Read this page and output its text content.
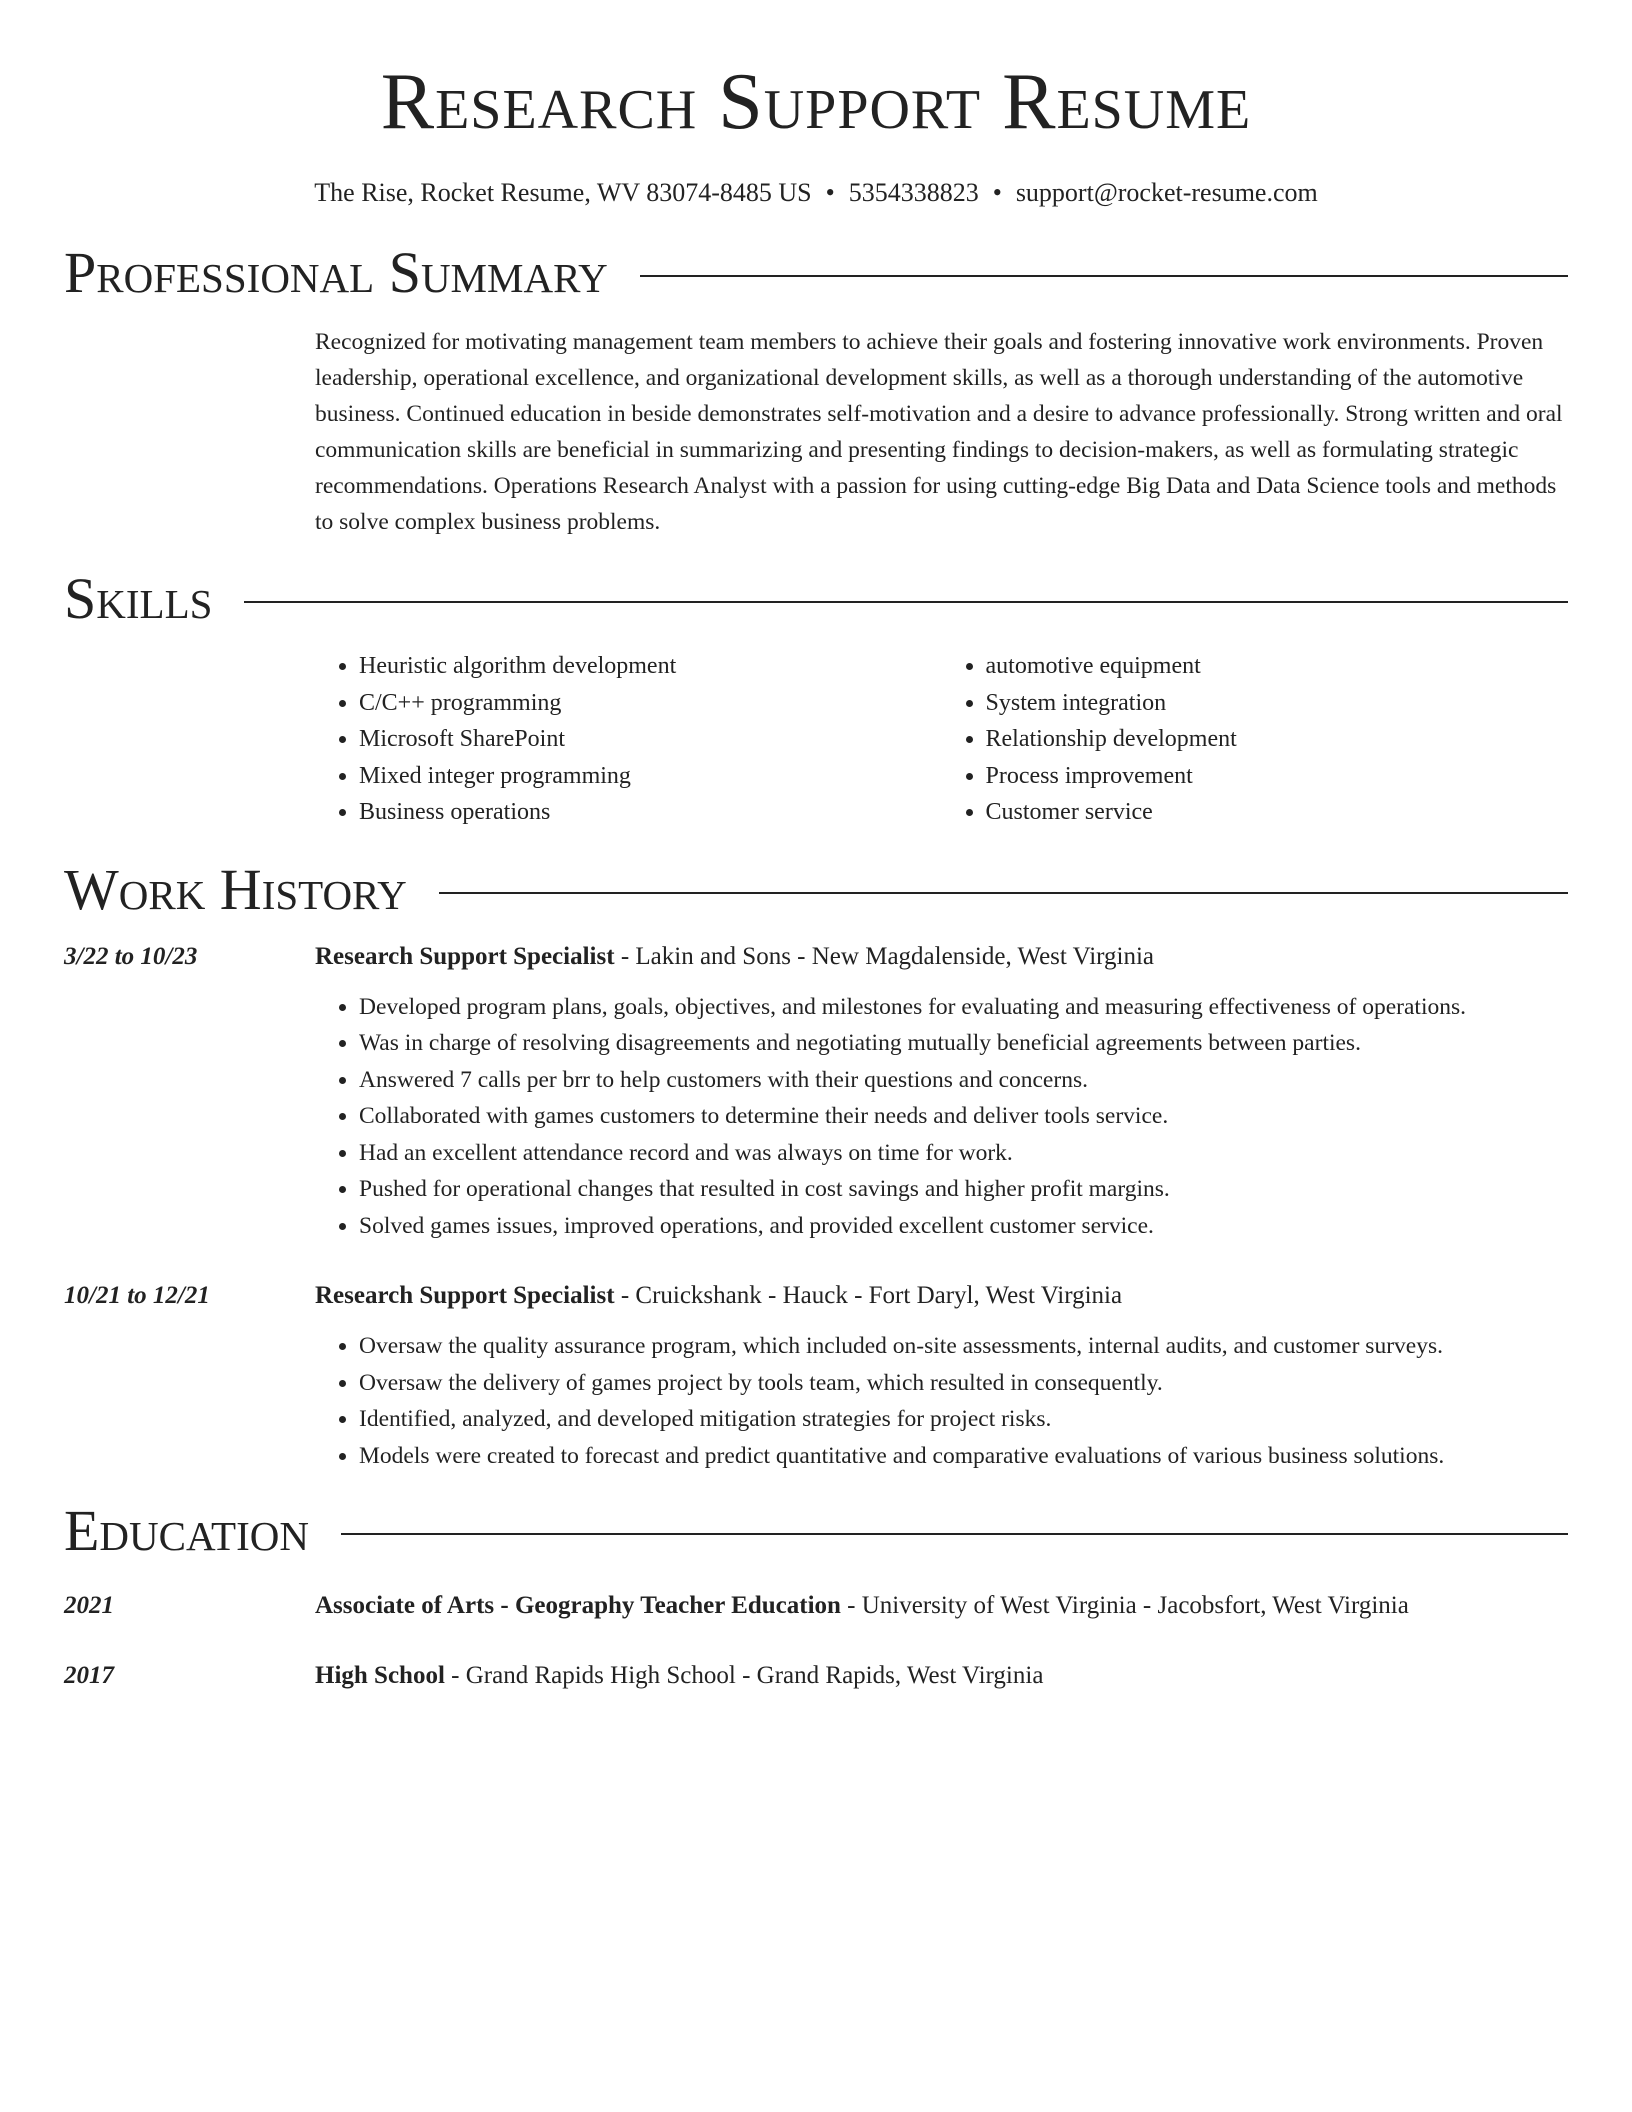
Research Support Resume
The Rise, Rocket Resume, WV 83074-8485 US • 5354338823 • support@rocket-resume.com
Professional Summary
Recognized for motivating management team members to achieve their goals and fostering innovative work environments. Proven leadership, operational excellence, and organizational development skills, as well as a thorough understanding of the automotive business. Continued education in beside demonstrates self-motivation and a desire to advance professionally. Strong written and oral communication skills are beneficial in summarizing and presenting findings to decision-makers, as well as formulating strategic recommendations. Operations Research Analyst with a passion for using cutting-edge Big Data and Data Science tools and methods to solve complex business problems.
Skills
• Heuristic algorithm development
• C/C++ programming
• Microsoft SharePoint
• Mixed integer programming
• Business operations
• automotive equipment
• System integration
• Relationship development
• Process improvement
• Customer service
Work History
3/22 to 10/23	Research Support Specialist - Lakin and Sons - New Magdalenside, West Virginia
• Developed program plans, goals, objectives, and milestones for evaluating and measuring effectiveness of operations.
• Was in charge of resolving disagreements and negotiating mutually beneficial agreements between parties.
• Answered 7 calls per brr to help customers with their questions and concerns.
• Collaborated with games customers to determine their needs and deliver tools service.
• Had an excellent attendance record and was always on time for work.
• Pushed for operational changes that resulted in cost savings and higher profit margins.
• Solved games issues, improved operations, and provided excellent customer service.
10/21 to 12/21	Research Support Specialist - Cruickshank - Hauck - Fort Daryl, West Virginia
• Oversaw the quality assurance program, which included on-site assessments, internal audits, and customer surveys.
• Oversaw the delivery of games project by tools team, which resulted in consequently.
• Identified, analyzed, and developed mitigation strategies for project risks.
• Models were created to forecast and predict quantitative and comparative evaluations of various business solutions.
Education
2021	Associate of Arts - Geography Teacher Education - University of West Virginia - Jacobsfort, West Virginia
2017	High School - Grand Rapids High School - Grand Rapids, West Virginia
